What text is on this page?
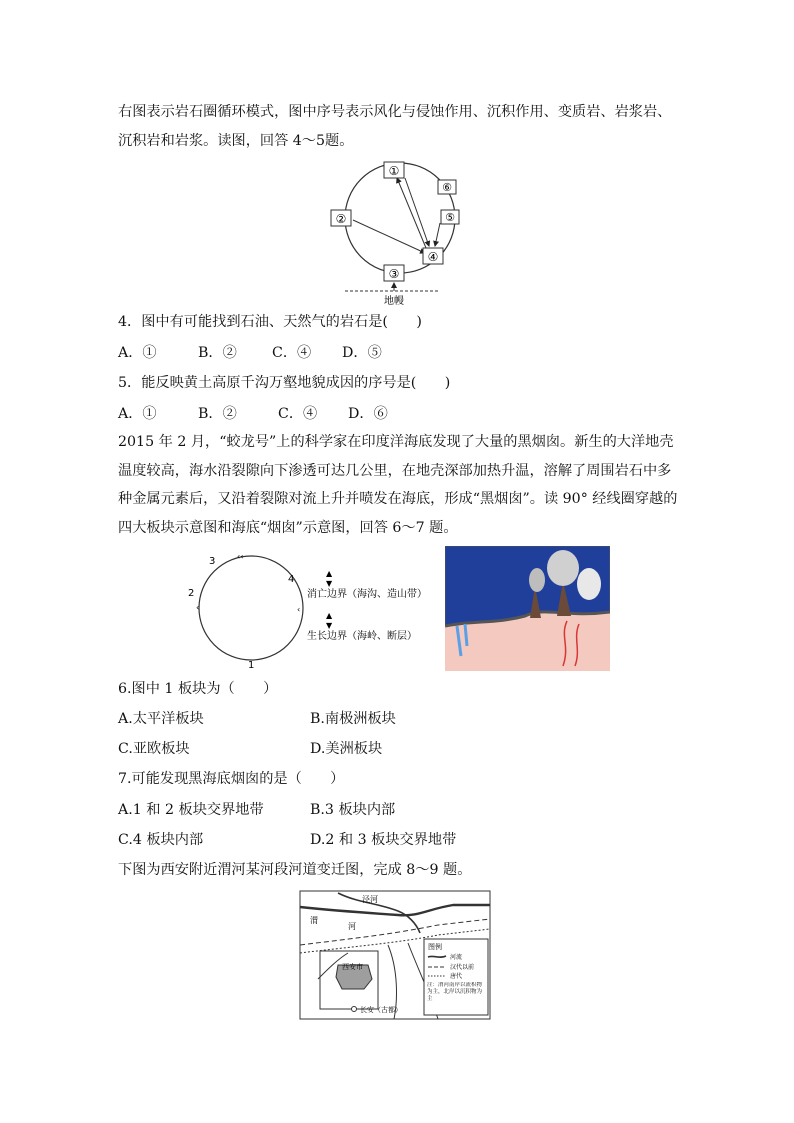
右图表示岩石圈循环模式，图中序号表示风化与侵蚀作用、沉积作用、变质岩、岩浆岩、沉积岩和岩浆。读图，回答 4～5题。

①
⑥
⑤
②
④
③
地幔
4．图中有可能找到石油、天然气的岩石是(　　)
A．①	B．② C．④ D．⑤
5．能反映黄土高原千沟万壑地貌成因的序号是(　　)
A．①	B．②	C．④ D．⑥

2015 年 2 月，“蛟龙号”上的科学家在印度洋海底发现了大量的黑烟囱。新生的大洋地壳温度较高，海水沿裂隙向下渗透可达几公里，在地壳深部加热升温，溶解了周围岩石中多种金属元素后，又沿着裂隙对流上升并喷发在海底，形成“黑烟囱”。读 90° 经线圈穿越的四大板块示意图和海底“烟囱”示意图，回答 6～7 题。

3
2
4
1
‹‹
‹	‹
▲
▼
消亡边界（海沟、造山带）
▲
▼
生长边界（海岭、断层）
6.图中 1 板块为（　　）
A.太平洋板块	B.南极洲板块
C.亚欧板块	D.美洲板块
7.可能发现黑海底烟囱的是（　　）
A.1 和 2 板块交界地带	B.3 板块内部
C.4 板块内部	D.2 和 3 板块交界地带
下图为西安附近渭河某河段河道变迁图，完成 8～9 题。
泾河
渭
河
西安市
长安（古都）
图例
河流
汉代以前
唐代
注：渭河南岸以流积物为主，北岸以沉积物为主
